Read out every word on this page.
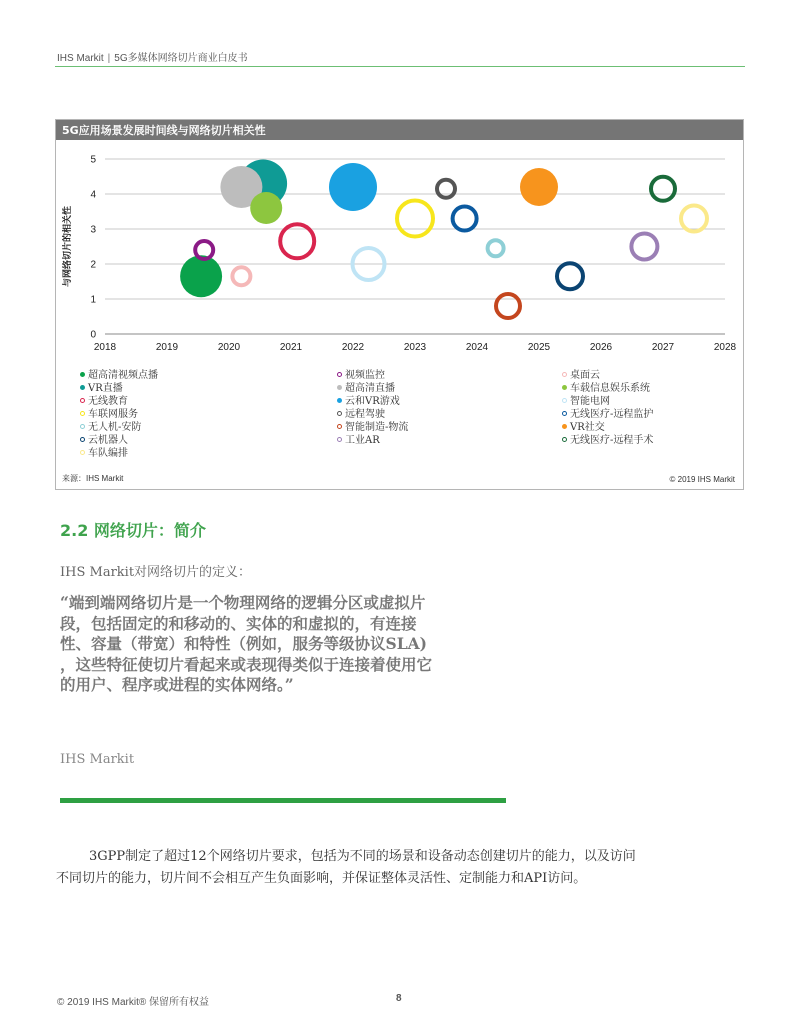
IHS Markit | 5G多媒体网络切片商业白皮书
5G应用场景发展时间线与网络切片相关性
0
1
2
3
4
5
2018	2019	2020	2021	2022	2023	2024	2025	2026	2027	2028
与网络切片的相关性
超高清视频点播	视频监控	桌面云
VR直播	超高清直播	车载信息娱乐系统
无线教育	云和VR游戏	智能电网
车联网服务	远程驾驶	无线医疗-远程监护
无人机-安防	智能制造-物流	VR社交
云机器人	工业AR	无线医疗-远程手术
车队编排
来源：IHS Markit	© 2019 IHS Markit
2.2 网络切片：简介
IHS Markit对网络切片的定义：
“端到端网络切片是一个物理网络的逻辑分区或虚拟片
段，包括固定的和移动的、实体的和虚拟的，有连接
性、容量（带宽）和特性（例如，服务等级协议SLA)
，这些特征使切片看起来或表现得类似于连接着使用它
的用户、程序或进程的实体网络。”
IHS Markit
3GPP制定了超过12个网络切片要求，包括为不同的场景和设备动态创建切片的能力，以及访问
不同切片的能力，切片间不会相互产生负面影响，并保证整体灵活性、定制能力和API访问。
© 2019 IHS Markit® 保留所有权益	8
